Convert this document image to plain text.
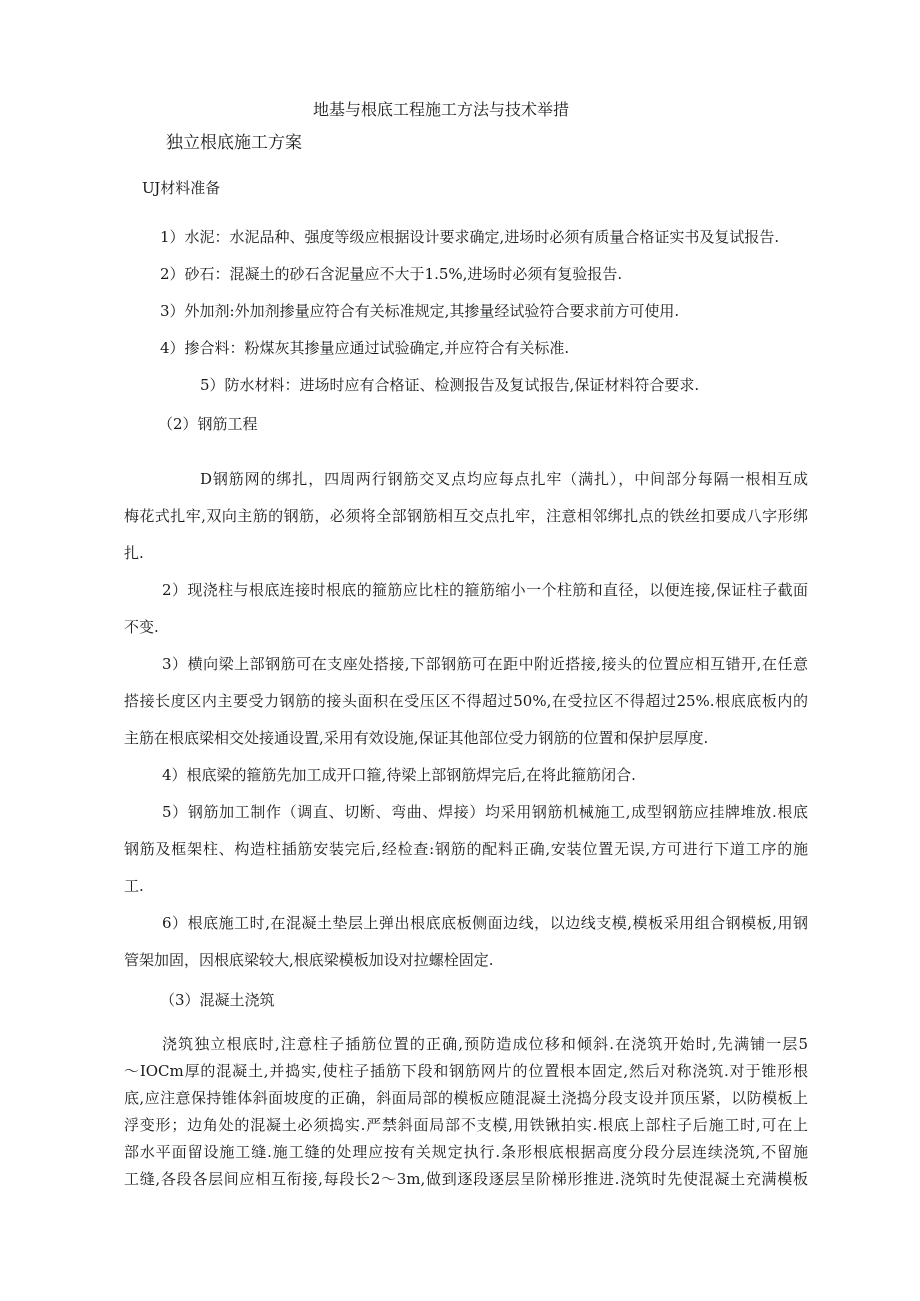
地基与根底工程施工方法与技术举措
独立根底施工方案
UJ材料准备
1）水泥：水泥品种、强度等级应根据设计要求确定,进场时必须有质量合格证实书及复试报告.
2）砂石：混凝土的砂石含泥量应不大于1.5%,进场时必须有复验报告.
3）外加剂:外加剂掺量应符合有关标准规定,其掺量经试验符合要求前方可使用.
4）掺合料：粉煤灰其掺量应通过试验确定,并应符合有关标准.
5）防水材料：进场时应有合格证、检测报告及复试报告,保证材料符合要求.
（2）钢筋工程
D钢筋网的绑扎，四周两行钢筋交叉点均应每点扎牢（满扎），中间部分每隔一根相互成
梅花式扎牢,双向主筋的钢筋，必须将全部钢筋相互交点扎牢，注意相邻绑扎点的铁丝扣要成八字形绑
扎.
2）现浇柱与根底连接时根底的箍筋应比柱的箍筋缩小一个柱筋和直径，以便连接,保证柱子截面
不变.
3）横向梁上部钢筋可在支座处搭接,下部钢筋可在距中附近搭接,接头的位置应相互错开,在任意
搭接长度区内主要受力钢筋的接头面积在受压区不得超过50%,在受拉区不得超过25%.根底底板内的
主筋在根底梁相交处接通设置,采用有效设施,保证其他部位受力钢筋的位置和保护层厚度.
4）根底梁的箍筋先加工成开口箍,待梁上部钢筋焊完后,在将此箍筋闭合.
5）钢筋加工制作（调直、切断、弯曲、焊接）均采用钢筋机械施工,成型钢筋应挂牌堆放.根底
钢筋及框架柱、构造柱插筋安装完后,经检查:钢筋的配料正确,安装位置无误,方可进行下道工序的施
工.
6）根底施工时,在混凝土垫层上弹出根底底板侧面边线，以边线支模,模板采用组合钢模板,用钢
管架加固，因根底梁较大,根底梁模板加设对拉螺栓固定.
（3）混凝土浇筑
浇筑独立根底时,注意柱子插筋位置的正确,预防造成位移和倾斜.在浇筑开始时,先满铺一层5
～IOCm厚的混凝土,并捣实,使柱子插筋下段和钢筋网片的位置根本固定,然后对称浇筑.对于锥形根
底,应注意保持锥体斜面坡度的正确，斜面局部的模板应随混凝土浇捣分段支设并顶压紧，以防模板上
浮变形；边角处的混凝土必须捣实.严禁斜面局部不支模,用铁锹拍实.根底上部柱子后施工时,可在上
部水平面留设施工缝.施工缝的处理应按有关规定执行.条形根底根据高度分段分层连续浇筑,不留施
工缝,各段各层间应相互衔接,每段长2～3m,做到逐段逐层呈阶梯形推进.浇筑时先使混凝土充满模板
